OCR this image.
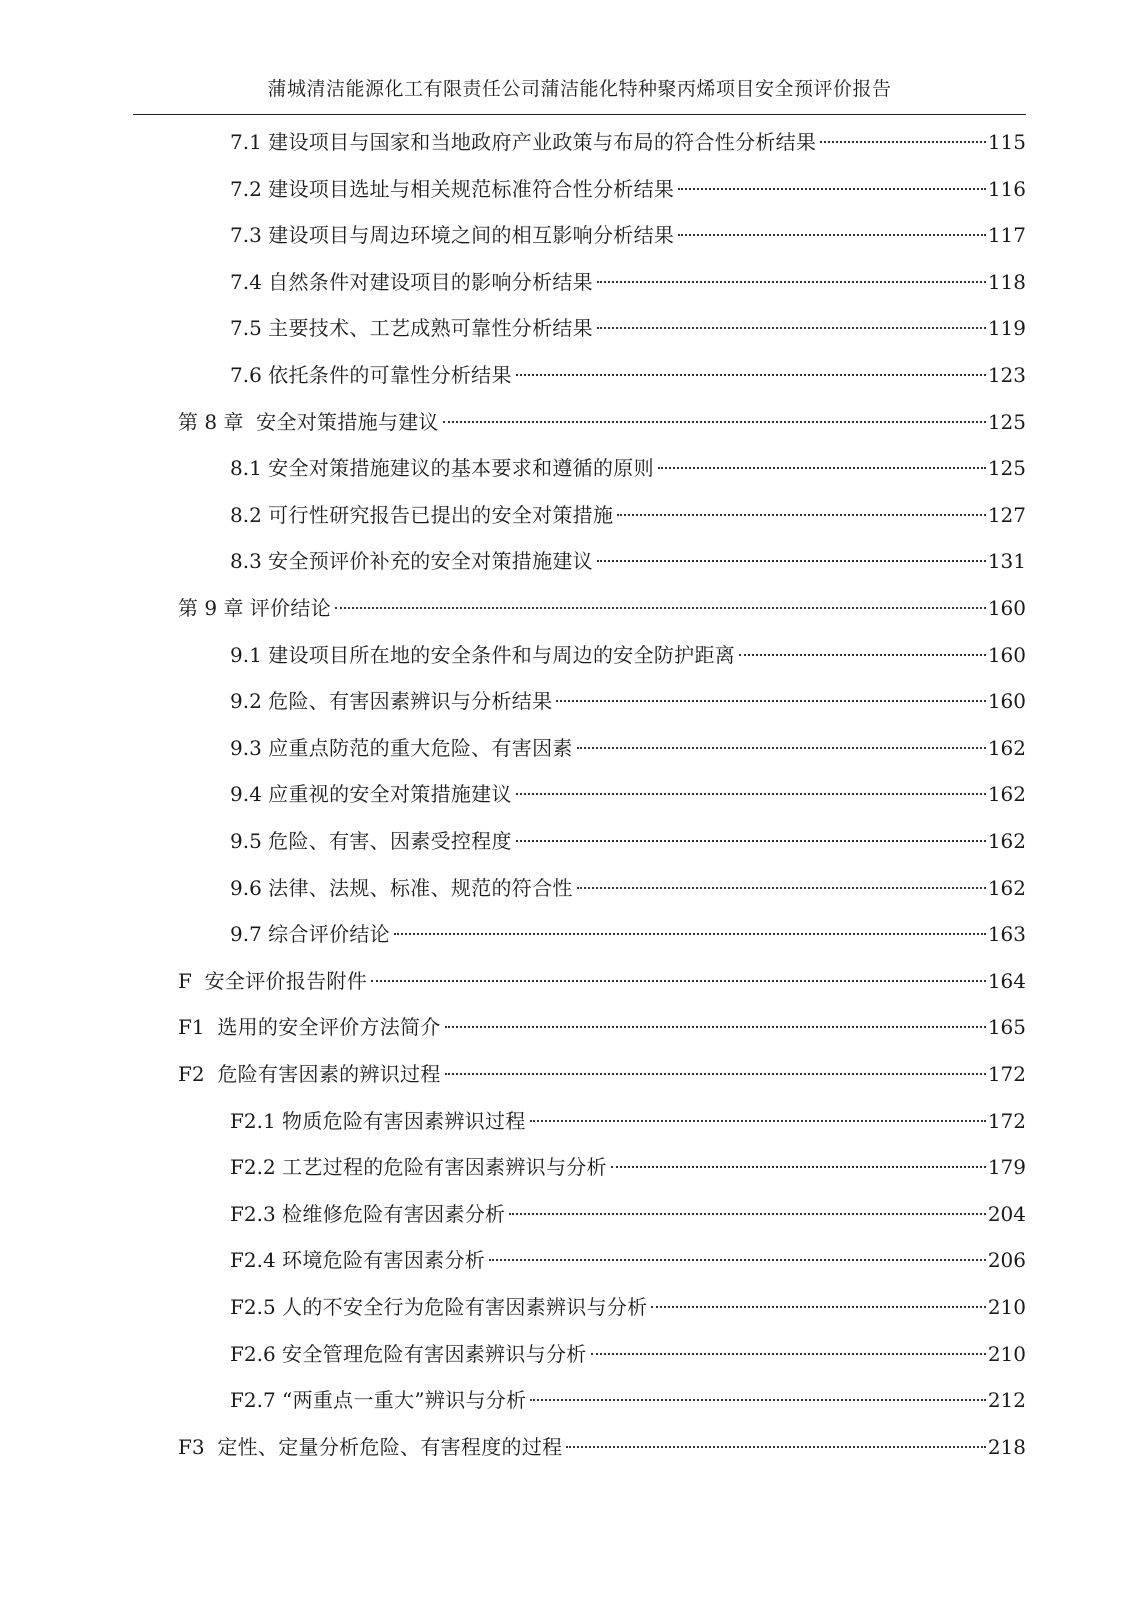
蒲城清洁能源化工有限责任公司蒲洁能化特种聚丙烯项目安全预评价报告
7.1 建设项目与国家和当地政府产业政策与布局的符合性分析结果	115
7.2 建设项目选址与相关规范标准符合性分析结果	116
7.3 建设项目与周边环境之间的相互影响分析结果	117
7.4 自然条件对建设项目的影响分析结果	118
7.5 主要技术、工艺成熟可靠性分析结果	119
7.6 依托条件的可靠性分析结果	123
第 8 章 安全对策措施与建议	125
8.1 安全对策措施建议的基本要求和遵循的原则	125
8.2 可行性研究报告已提出的安全对策措施	127
8.3 安全预评价补充的安全对策措施建议	131
第 9 章 评价结论	160
9.1 建设项目所在地的安全条件和与周边的安全防护距离	160
9.2 危险、有害因素辨识与分析结果	160
9.3 应重点防范的重大危险、有害因素	162
9.4 应重视的安全对策措施建议	162
9.5 危险、有害、因素受控程度	162
9.6 法律、法规、标准、规范的符合性	162
9.7 综合评价结论	163
F 安全评价报告附件	164
F1 选用的安全评价方法简介	165
F2 危险有害因素的辨识过程	172
F2.1 物质危险有害因素辨识过程	172
F2.2 工艺过程的危险有害因素辨识与分析	179
F2.3 检维修危险有害因素分析	204
F2.4 环境危险有害因素分析	206
F2.5 人的不安全行为危险有害因素辨识与分析	210
F2.6 安全管理危险有害因素辨识与分析	210
F2.7 “两重点一重大”辨识与分析	212
F3 定性、定量分析危险、有害程度的过程	218
